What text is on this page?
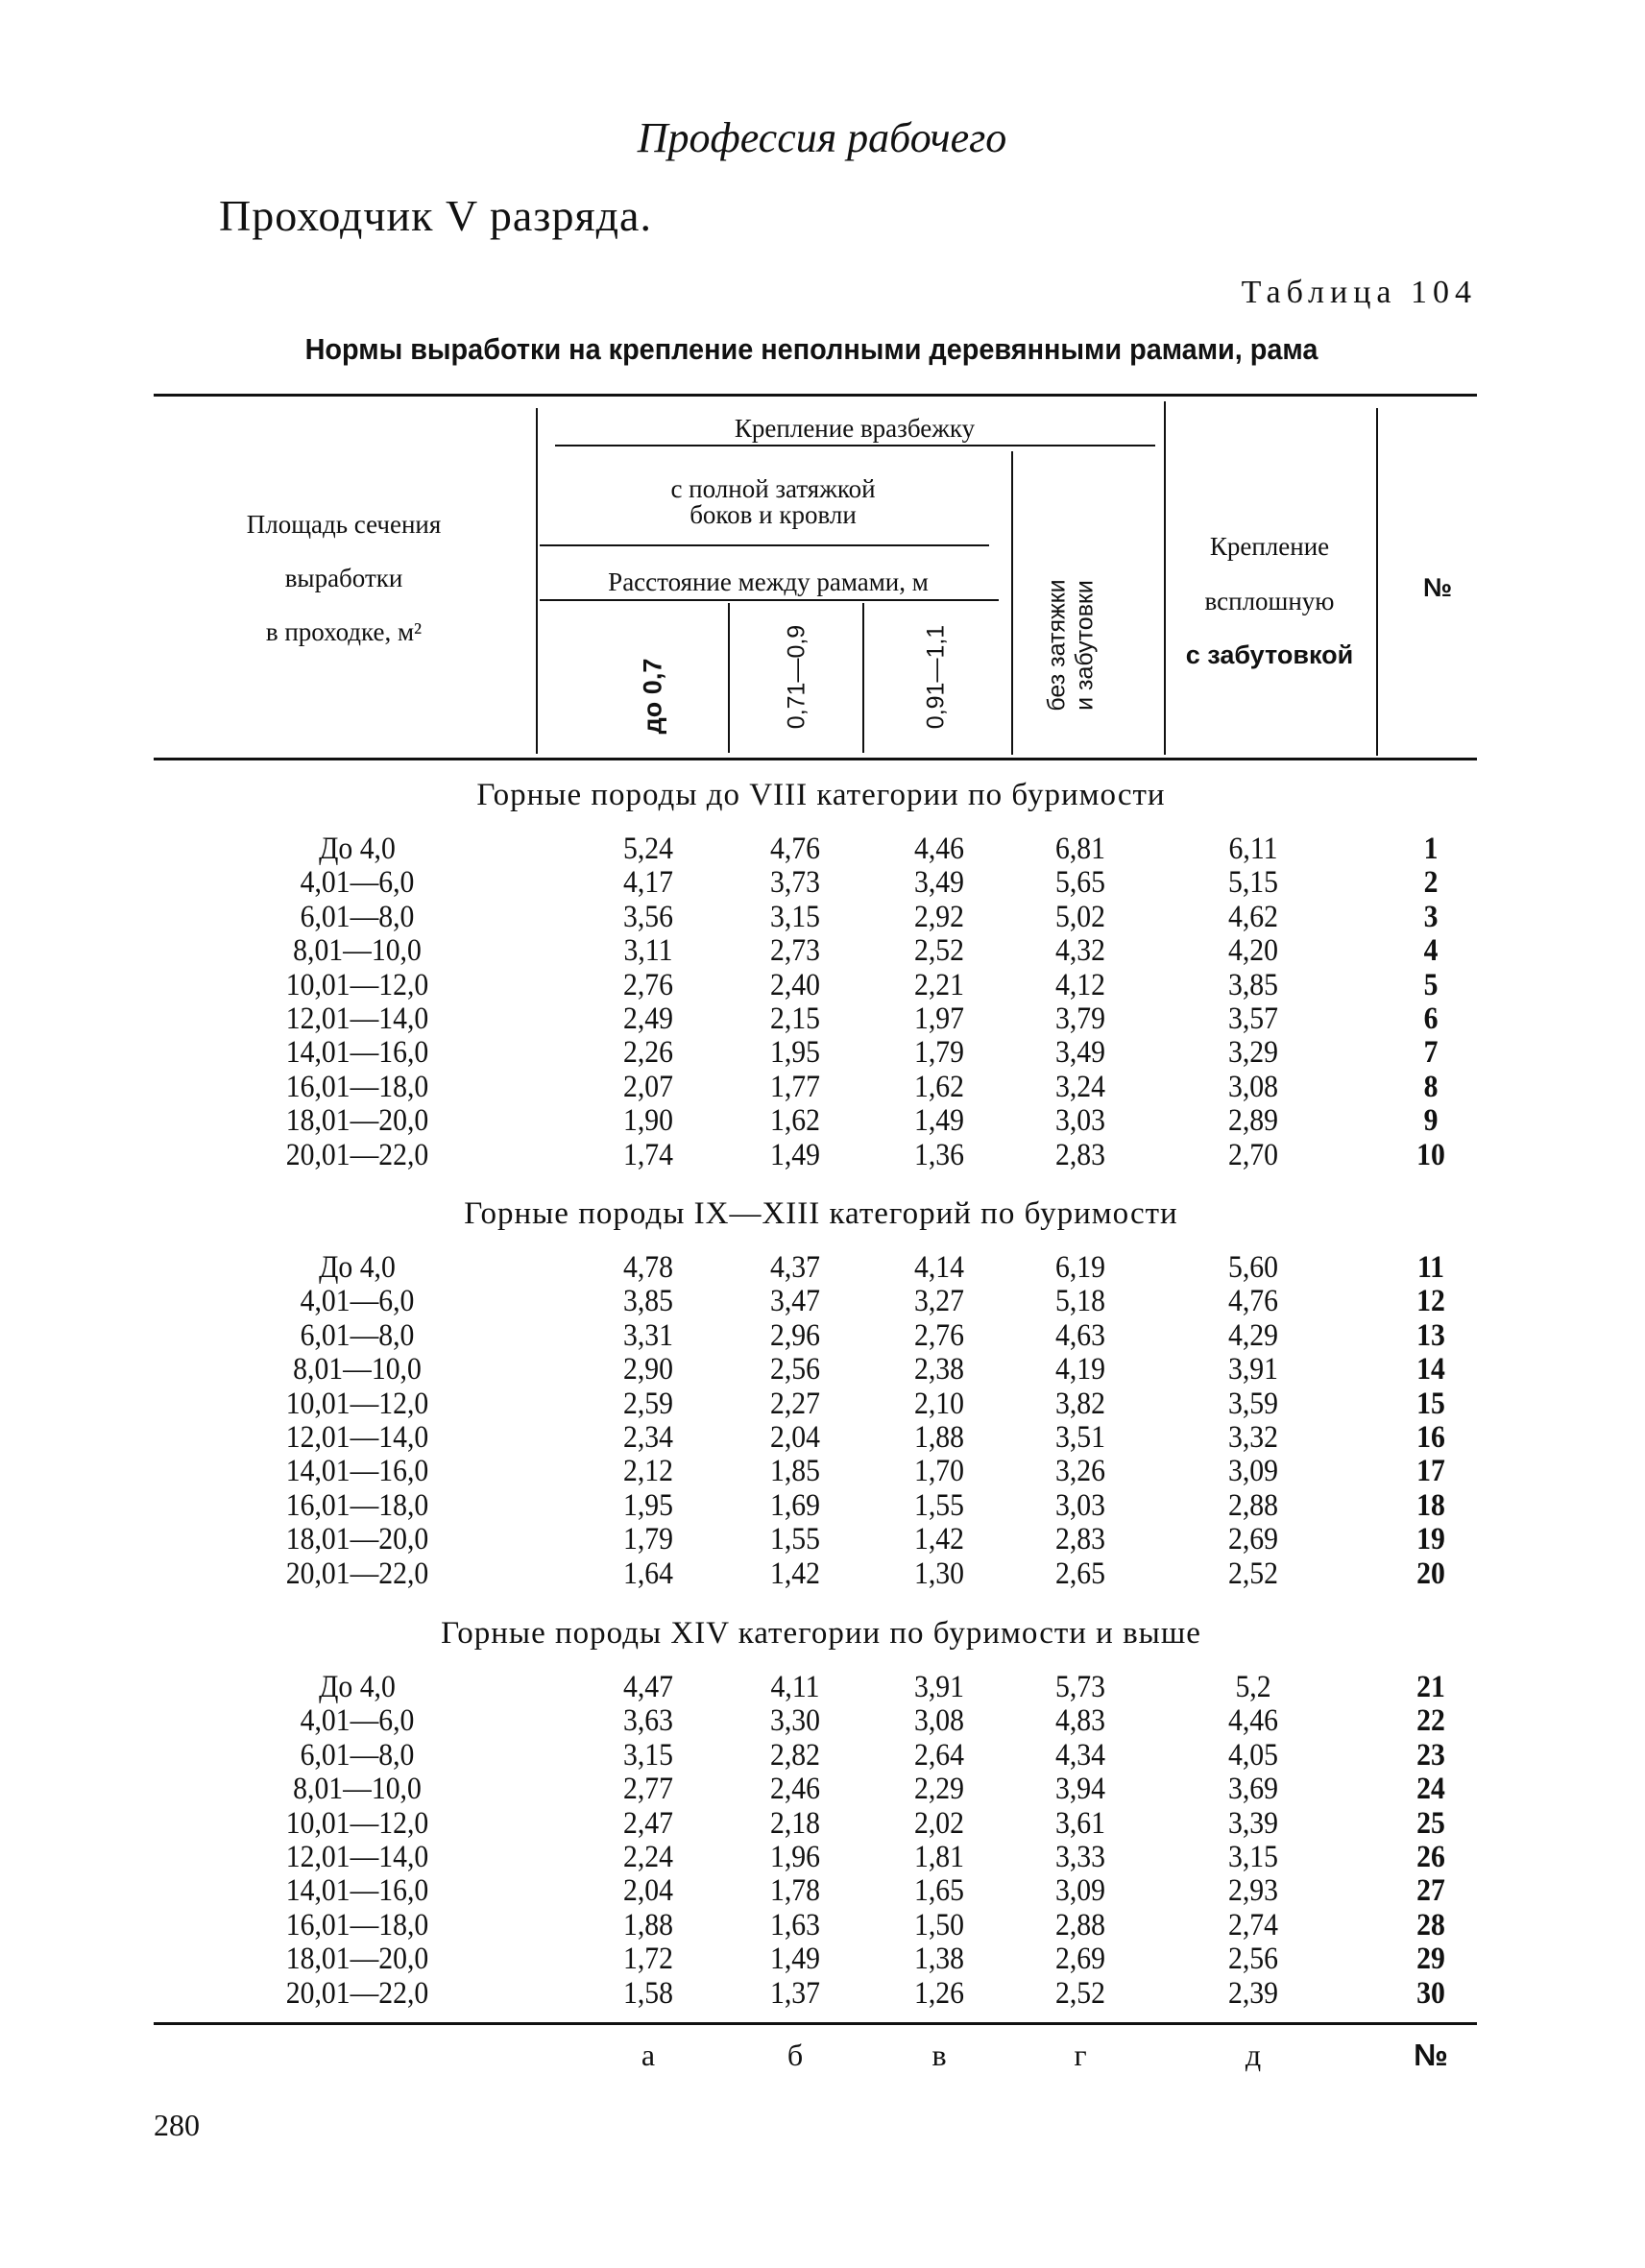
Профессия рабочего
Проходчик V разряда.
Таблица 104
Нормы выработки на крепление неполными деревянными рамами, рама
Площадь сечения
выработки
в проходке, м²
Крепление вразбежку
с полной затяжкой
боков и кровли
Расстояние между рамами, м
до 0,7	0,71—0,9	0,91—1,1	без затяжки
и забутовки
Крепление
всплошную
с забутовкой
№
Горные породы до VIII категории по буримости
До 4,0	5,24	4,76	4,46	6,81	6,11	1
4,01—6,0	4,17	3,73	3,49	5,65	5,15	2
6,01—8,0	3,56	3,15	2,92	5,02	4,62	3
8,01—10,0	3,11	2,73	2,52	4,32	4,20	4
10,01—12,0	2,76	2,40	2,21	4,12	3,85	5
12,01—14,0	2,49	2,15	1,97	3,79	3,57	6
14,01—16,0	2,26	1,95	1,79	3,49	3,29	7
16,01—18,0	2,07	1,77	1,62	3,24	3,08	8
18,01—20,0	1,90	1,62	1,49	3,03	2,89	9
20,01—22,0	1,74	1,49	1,36	2,83	2,70	10
Горные породы IX—XIII категорий по буримости
До 4,0	4,78	4,37	4,14	6,19	5,60	11
4,01—6,0	3,85	3,47	3,27	5,18	4,76	12
6,01—8,0	3,31	2,96	2,76	4,63	4,29	13
8,01—10,0	2,90	2,56	2,38	4,19	3,91	14
10,01—12,0	2,59	2,27	2,10	3,82	3,59	15
12,01—14,0	2,34	2,04	1,88	3,51	3,32	16
14,01—16,0	2,12	1,85	1,70	3,26	3,09	17
16,01—18,0	1,95	1,69	1,55	3,03	2,88	18
18,01—20,0	1,79	1,55	1,42	2,83	2,69	19
20,01—22,0	1,64	1,42	1,30	2,65	2,52	20
Горные породы XIV категории по буримости и выше
До 4,0	4,47	4,11	3,91	5,73	5,2	21
4,01—6,0	3,63	3,30	3,08	4,83	4,46	22
6,01—8,0	3,15	2,82	2,64	4,34	4,05	23
8,01—10,0	2,77	2,46	2,29	3,94	3,69	24
10,01—12,0	2,47	2,18	2,02	3,61	3,39	25
12,01—14,0	2,24	1,96	1,81	3,33	3,15	26
14,01—16,0	2,04	1,78	1,65	3,09	2,93	27
16,01—18,0	1,88	1,63	1,50	2,88	2,74	28
18,01—20,0	1,72	1,49	1,38	2,69	2,56	29
20,01—22,0	1,58	1,37	1,26	2,52	2,39	30
а	б	в	г	д	№
280
